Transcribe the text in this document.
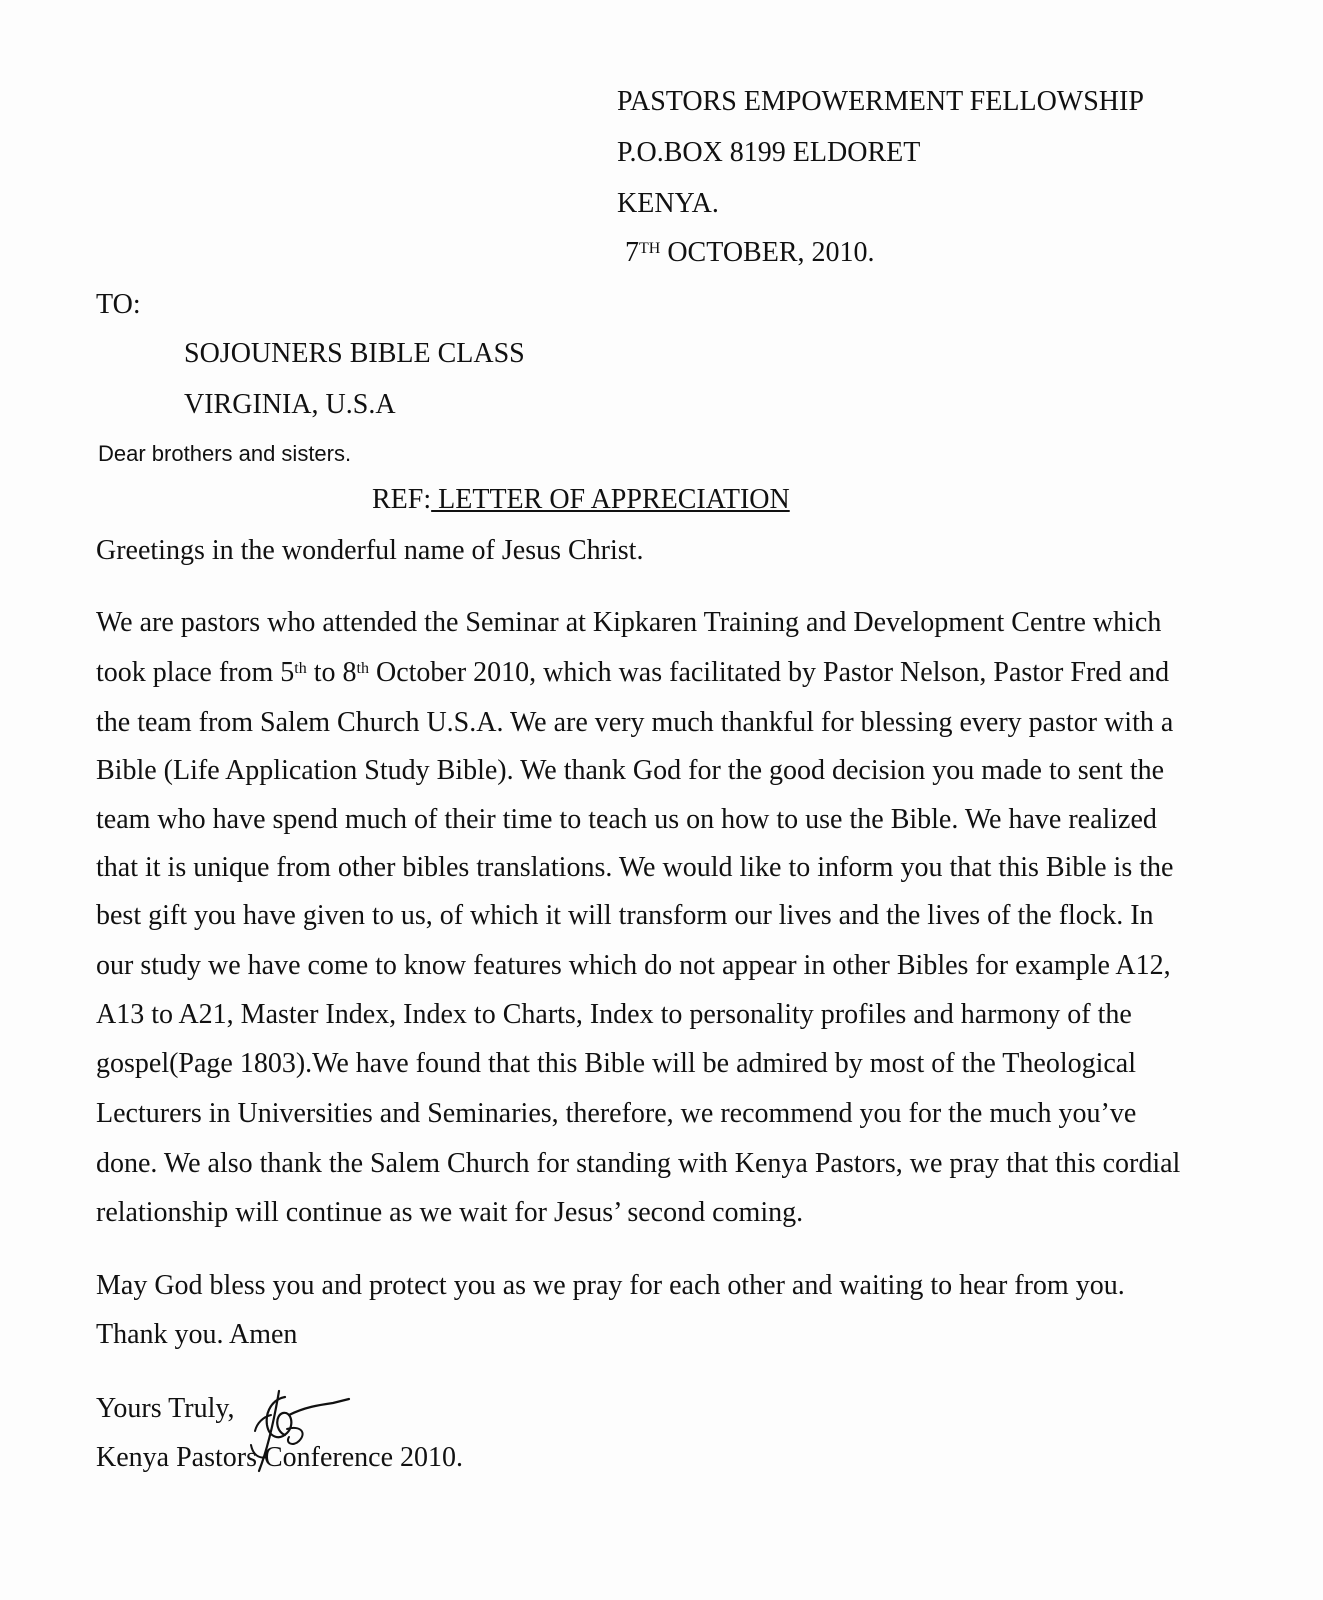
PASTORS EMPOWERMENT FELLOWSHIP
P.O.BOX 8199 ELDORET
KENYA.
7TH OCTOBER, 2010.
TO:
SOJOUNERS BIBLE CLASS
VIRGINIA, U.S.A
Dear brothers and sisters.
REF: LETTER OF APPRECIATION
Greetings in the wonderful name of Jesus Christ.
We are pastors who attended the Seminar at Kipkaren Training and Development Centre which
took place from 5th to 8th October 2010, which was facilitated by Pastor Nelson, Pastor Fred and
the team from Salem Church U.S.A. We are very much thankful for blessing every pastor with a
Bible (Life Application Study Bible). We thank God for the good decision you made to sent the
team who have spend much of their time to teach us on how to use the Bible. We have realized
that it is unique from other bibles translations. We would like to inform you that this Bible is the
best gift you have given to us, of which it will transform our lives and the lives of the flock. In
our study we have come to know features which do not appear in other Bibles for example A12,
A13 to A21, Master Index, Index to Charts, Index to personality profiles and harmony of the
gospel(Page 1803).We have found that this Bible will be admired by most of the Theological
Lecturers in Universities and Seminaries, therefore, we recommend you for the much you’ve
done. We also thank the Salem Church for standing with Kenya Pastors, we pray that this cordial
relationship will continue as we wait for Jesus’ second coming.
May God bless you and protect you as we pray for each other and waiting to hear from you.
Thank you. Amen
Yours Truly,
Kenya Pastors Conference 2010.
